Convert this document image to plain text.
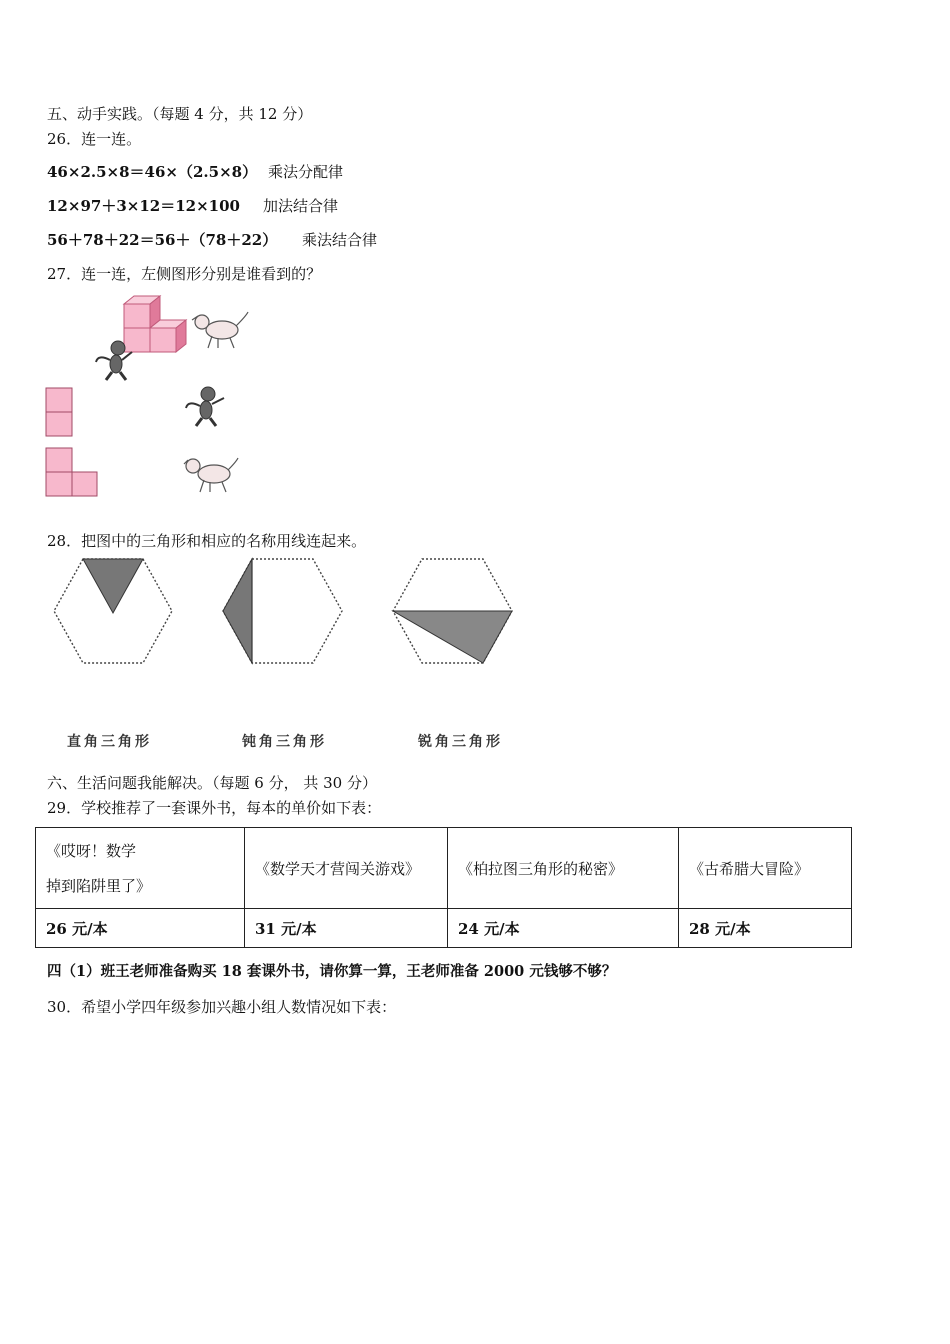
五、动手实践。（每题 4 分，共 12 分）
26．连一连。
46×2.5×8＝46×（2.5×8） 乘法分配律
12×97＋3×12＝12×100 加法结合律
56＋78＋22＝56＋（78＋22） 乘法结合律
27．连一连，左侧图形分别是谁看到的？
28．把图中的三角形和相应的名称用线连起来。
直角三角形	钝角三角形	锐角三角形
六、生活问题我能解决。（每题 6 分， 共 30 分）
29．学校推荐了一套课外书，每本的单价如下表：
《哎呀！数学
掉到陷阱里了》	《数学天才营闯关游戏》	《柏拉图三角形的秘密》	《古希腊大冒险》
26 元/本	31 元/本	24 元/本	28 元/本
四（1）班王老师准备购买 18 套课外书，请你算一算，王老师准备 2000 元钱够不够？
30．希望小学四年级参加兴趣小组人数情况如下表：
